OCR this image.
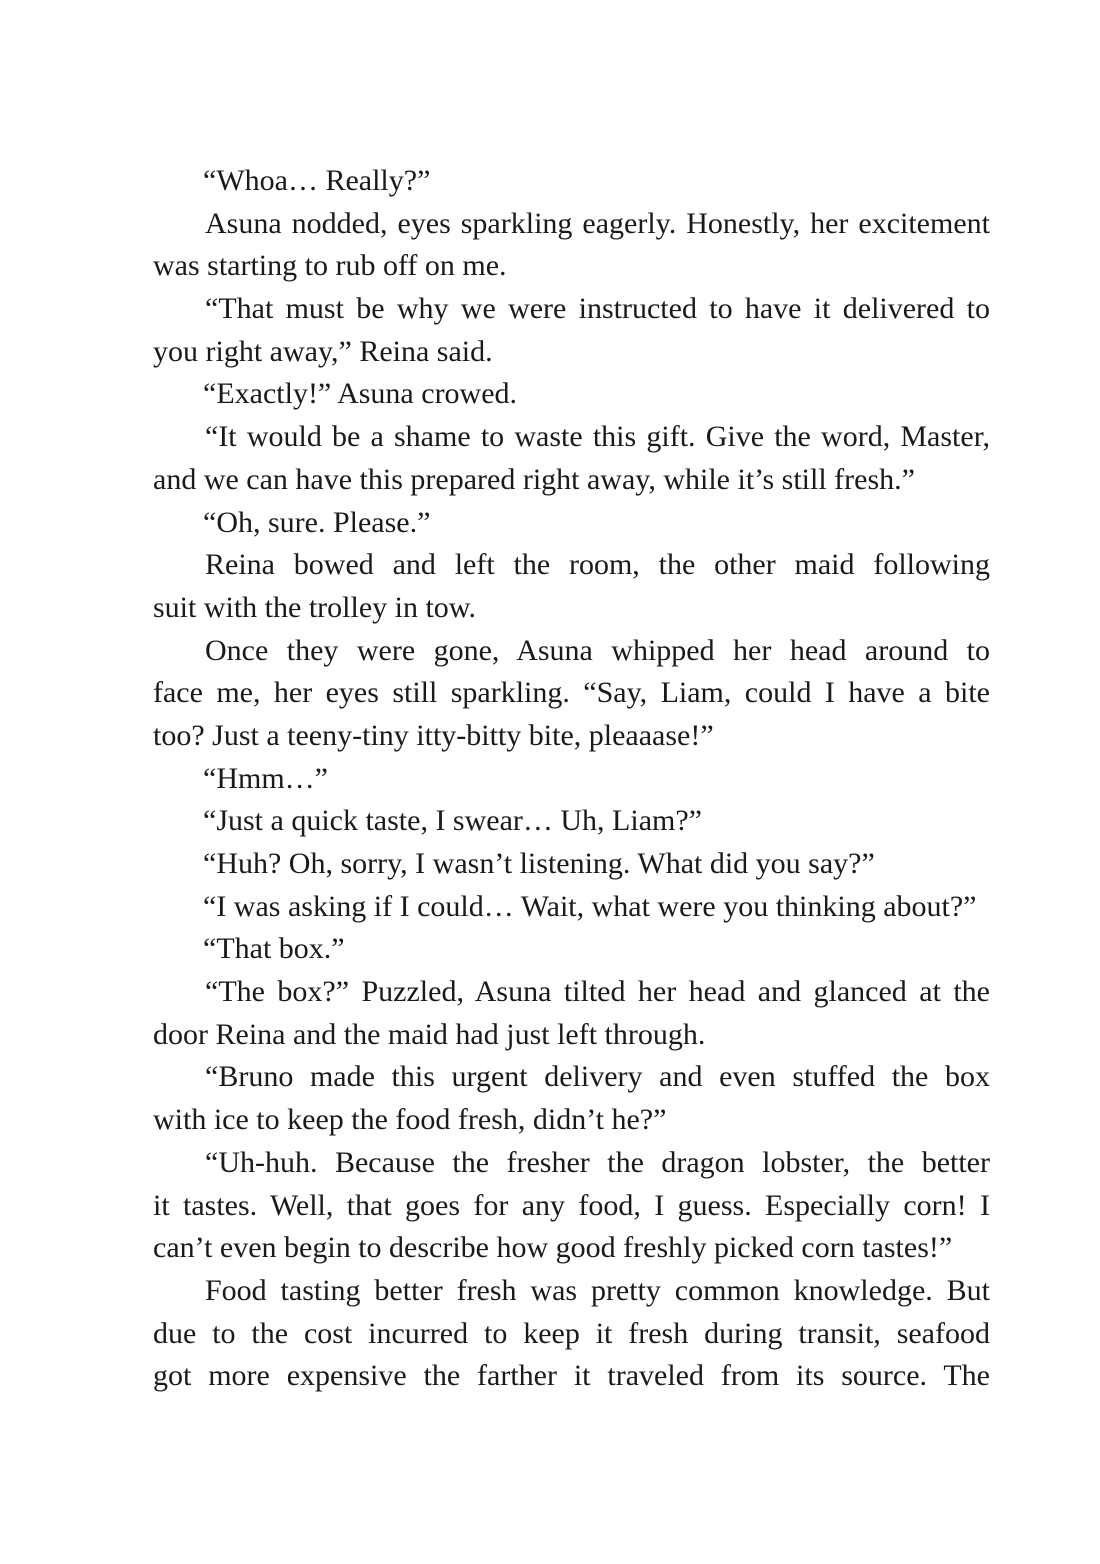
“Whoa… Really?”
Asuna nodded, eyes sparkling eagerly. Honestly, her excitement
was starting to rub off on me.
“That must be why we were instructed to have it delivered to
you right away,” Reina said.
“Exactly!” Asuna crowed.
“It would be a shame to waste this gift. Give the word, Master,
and we can have this prepared right away, while it’s still fresh.”
“Oh, sure. Please.”
Reina bowed and left the room, the other maid following
suit with the trolley in tow.
Once they were gone, Asuna whipped her head around to
face me, her eyes still sparkling. “Say, Liam, could I have a bite
too? Just a teeny-tiny itty-bitty bite, pleaaase!”
“Hmm…”
“Just a quick taste, I swear… Uh, Liam?”
“Huh? Oh, sorry, I wasn’t listening. What did you say?”
“I was asking if I could… Wait, what were you thinking about?”
“That box.”
“The box?” Puzzled, Asuna tilted her head and glanced at the
door Reina and the maid had just left through.
“Bruno made this urgent delivery and even stuffed the box
with ice to keep the food fresh, didn’t he?”
“Uh-huh. Because the fresher the dragon lobster, the better
it tastes. Well, that goes for any food, I guess. Especially corn! I
can’t even begin to describe how good freshly picked corn tastes!”
Food tasting better fresh was pretty common knowledge. But
due to the cost incurred to keep it fresh during transit, seafood
got more expensive the farther it traveled from its source. The
